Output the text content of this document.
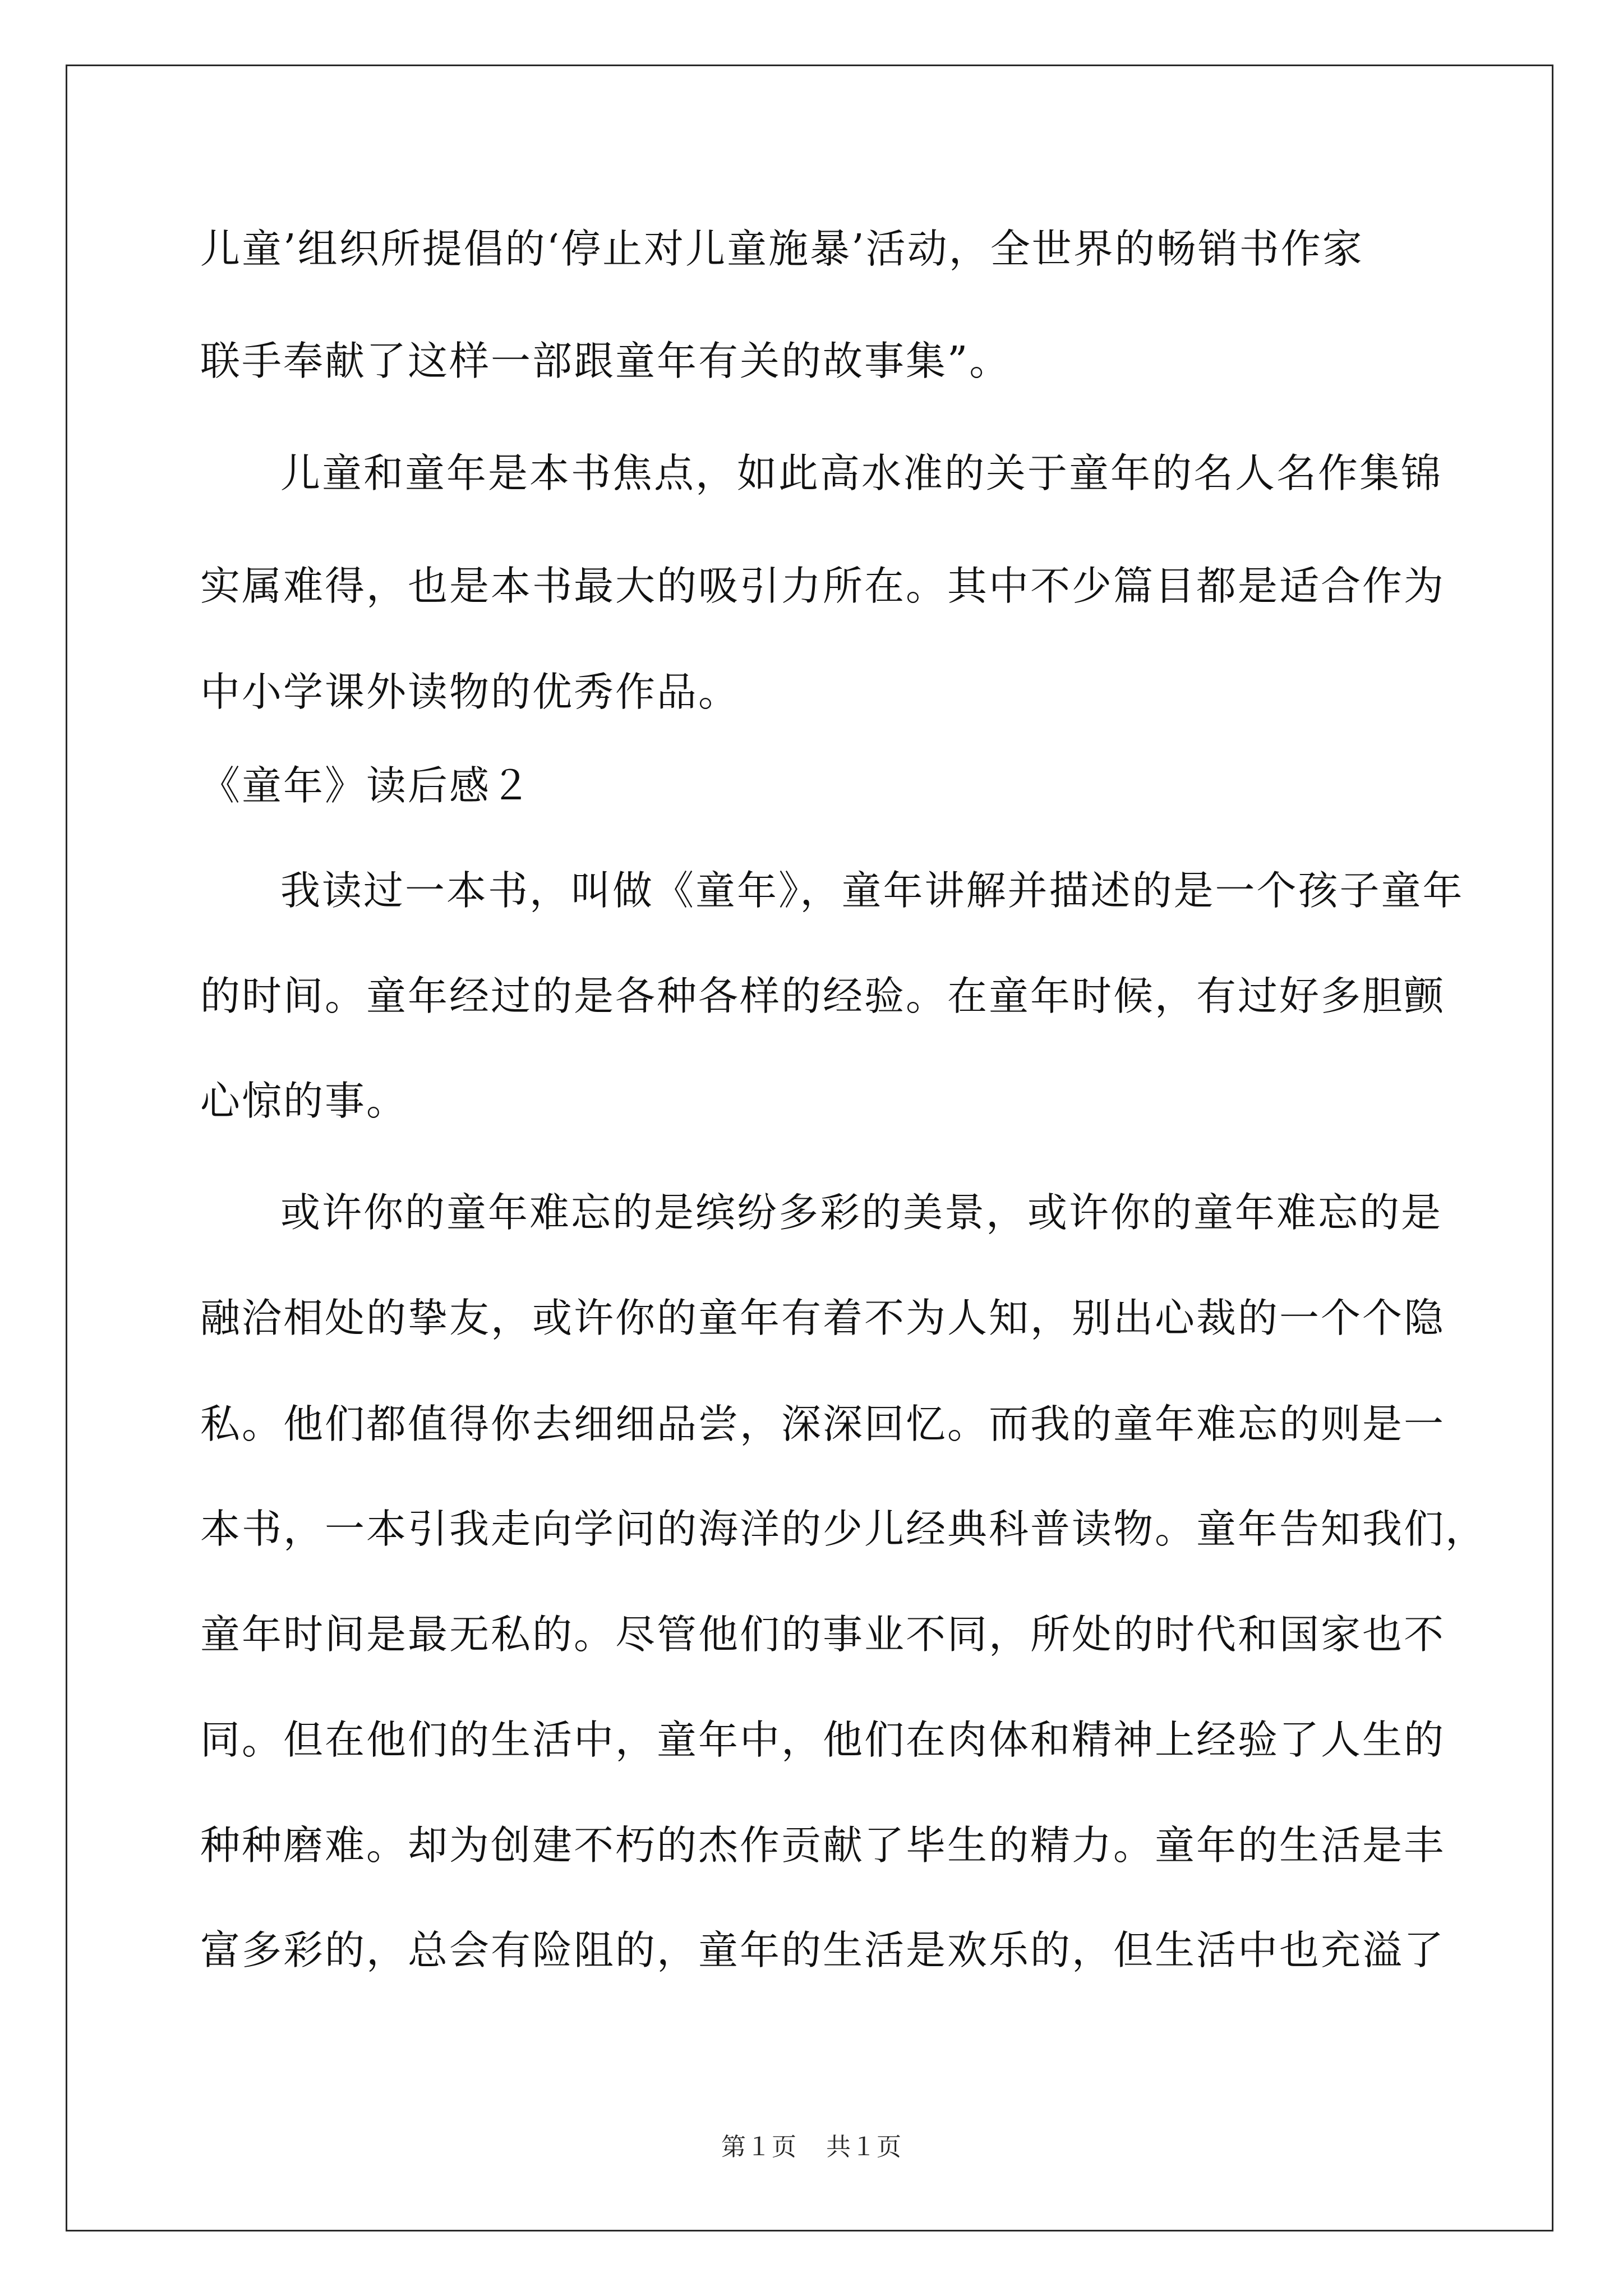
儿童’组织所提倡的‘停止对儿童施暴’活动，全世界的畅销书作家

联手奉献了这样一部跟童年有关的故事集”。

儿童和童年是本书焦点，如此高水准的关于童年的名人名作集锦

实属难得，也是本书最大的吸引力所在。其中不少篇目都是适合作为

中小学课外读物的优秀作品。

《童年》读后感２

我读过一本书，叫做《童年》，童年讲解并描述的是一个孩子童年

的时间。童年经过的是各种各样的经验。在童年时候，有过好多胆颤

心惊的事。

或许你的童年难忘的是缤纷多彩的美景，或许你的童年难忘的是

融洽相处的挚友，或许你的童年有着不为人知，别出心裁的一个个隐

私。他们都值得你去细细品尝，深深回忆。而我的童年难忘的则是一

本书，一本引我走向学问的海洋的少儿经典科普读物。童年告知我们，

童年时间是最无私的。尽管他们的事业不同，所处的时代和国家也不

同。但在他们的生活中，童年中，他们在肉体和精神上经验了人生的

种种磨难。却为创建不朽的杰作贡献了毕生的精力。童年的生活是丰

富多彩的，总会有险阻的，童年的生活是欢乐的，但生活中也充溢了

第１页 共１页
